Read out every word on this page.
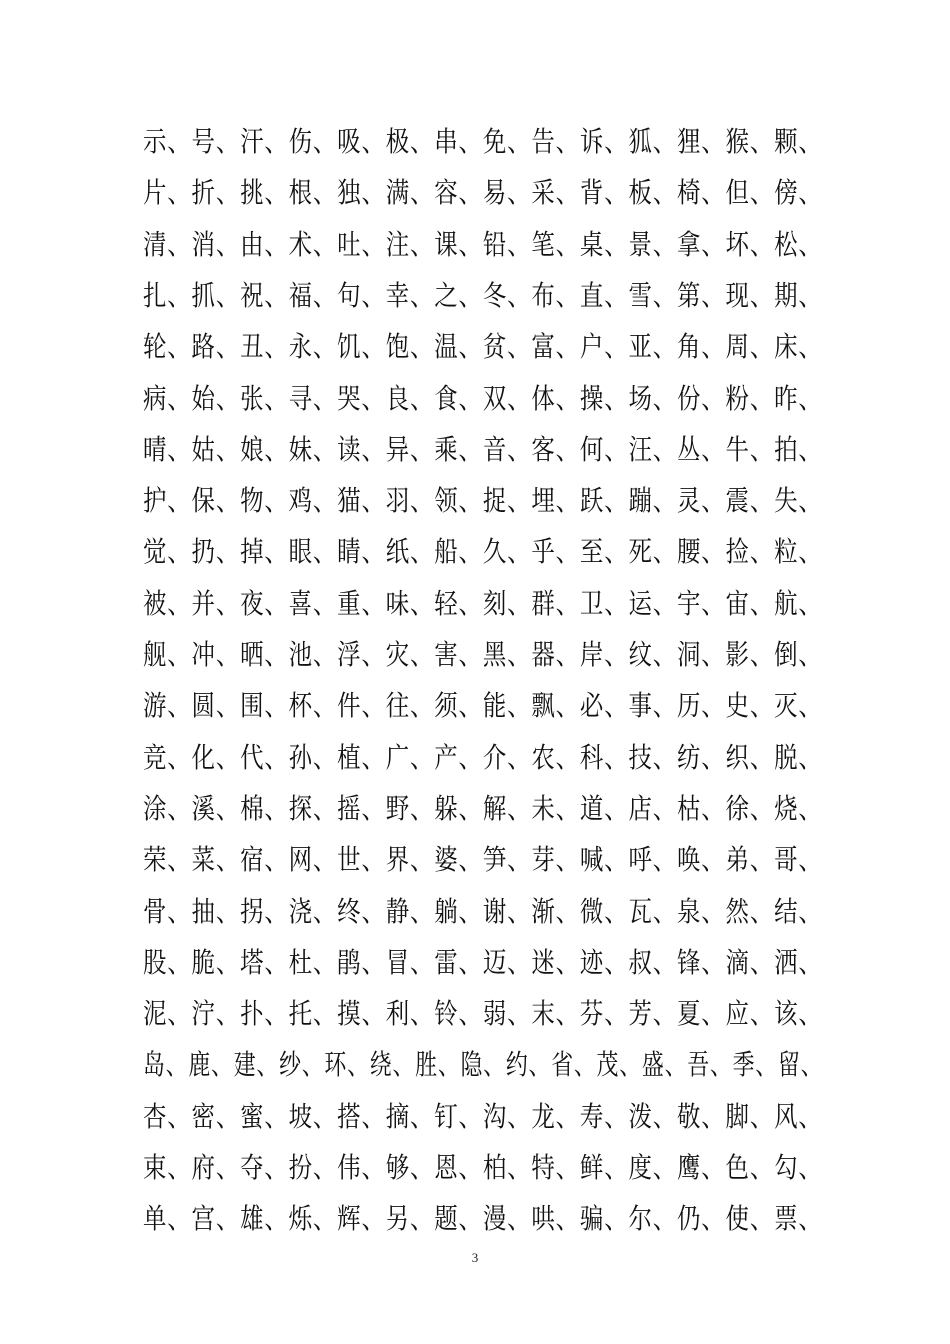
示、号、汗、伤、吸、极、串、免、告、诉、狐、狸、猴、颗、
片、折、挑、根、独、满、容、易、采、背、板、椅、但、傍、
清、消、由、术、吐、注、课、铅、笔、桌、景、拿、坏、松、
扎、抓、祝、福、句、幸、之、冬、布、直、雪、第、现、期、
轮、路、丑、永、饥、饱、温、贫、富、户、亚、角、周、床、
病、始、张、寻、哭、良、食、双、体、操、场、份、粉、昨、
晴、姑、娘、妹、读、异、乘、音、客、何、汪、丛、牛、拍、
护、保、物、鸡、猫、羽、领、捉、埋、跃、蹦、灵、震、失、
觉、扔、掉、眼、睛、纸、船、久、乎、至、死、腰、捡、粒、
被、并、夜、喜、重、味、轻、刻、群、卫、运、宇、宙、航、
舰、冲、晒、池、浮、灾、害、黑、器、岸、纹、洞、影、倒、
游、圆、围、杯、件、往、须、能、飘、必、事、历、史、灭、
竞、化、代、孙、植、广、产、介、农、科、技、纺、织、脱、
涂、溪、棉、探、摇、野、躲、解、未、道、店、枯、徐、烧、
荣、菜、宿、网、世、界、婆、笋、芽、喊、呼、唤、弟、哥、
骨、抽、拐、浇、终、静、躺、谢、渐、微、瓦、泉、然、结、
股、脆、塔、杜、鹃、冒、雷、迈、迷、迹、叔、锋、滴、洒、
泥、泞、扑、托、摸、利、铃、弱、末、芬、芳、夏、应、该、
岛、鹿、建、纱、环、绕、胜、隐、约、省、茂、盛、吾、季、留、
杏、密、蜜、坡、搭、摘、钉、沟、龙、寿、泼、敬、脚、风、
束、府、夺、扮、伟、够、恩、柏、特、鲜、度、鹰、色、勾、
单、宫、雄、烁、辉、另、题、漫、哄、骗、尔、仍、使、票、
3
